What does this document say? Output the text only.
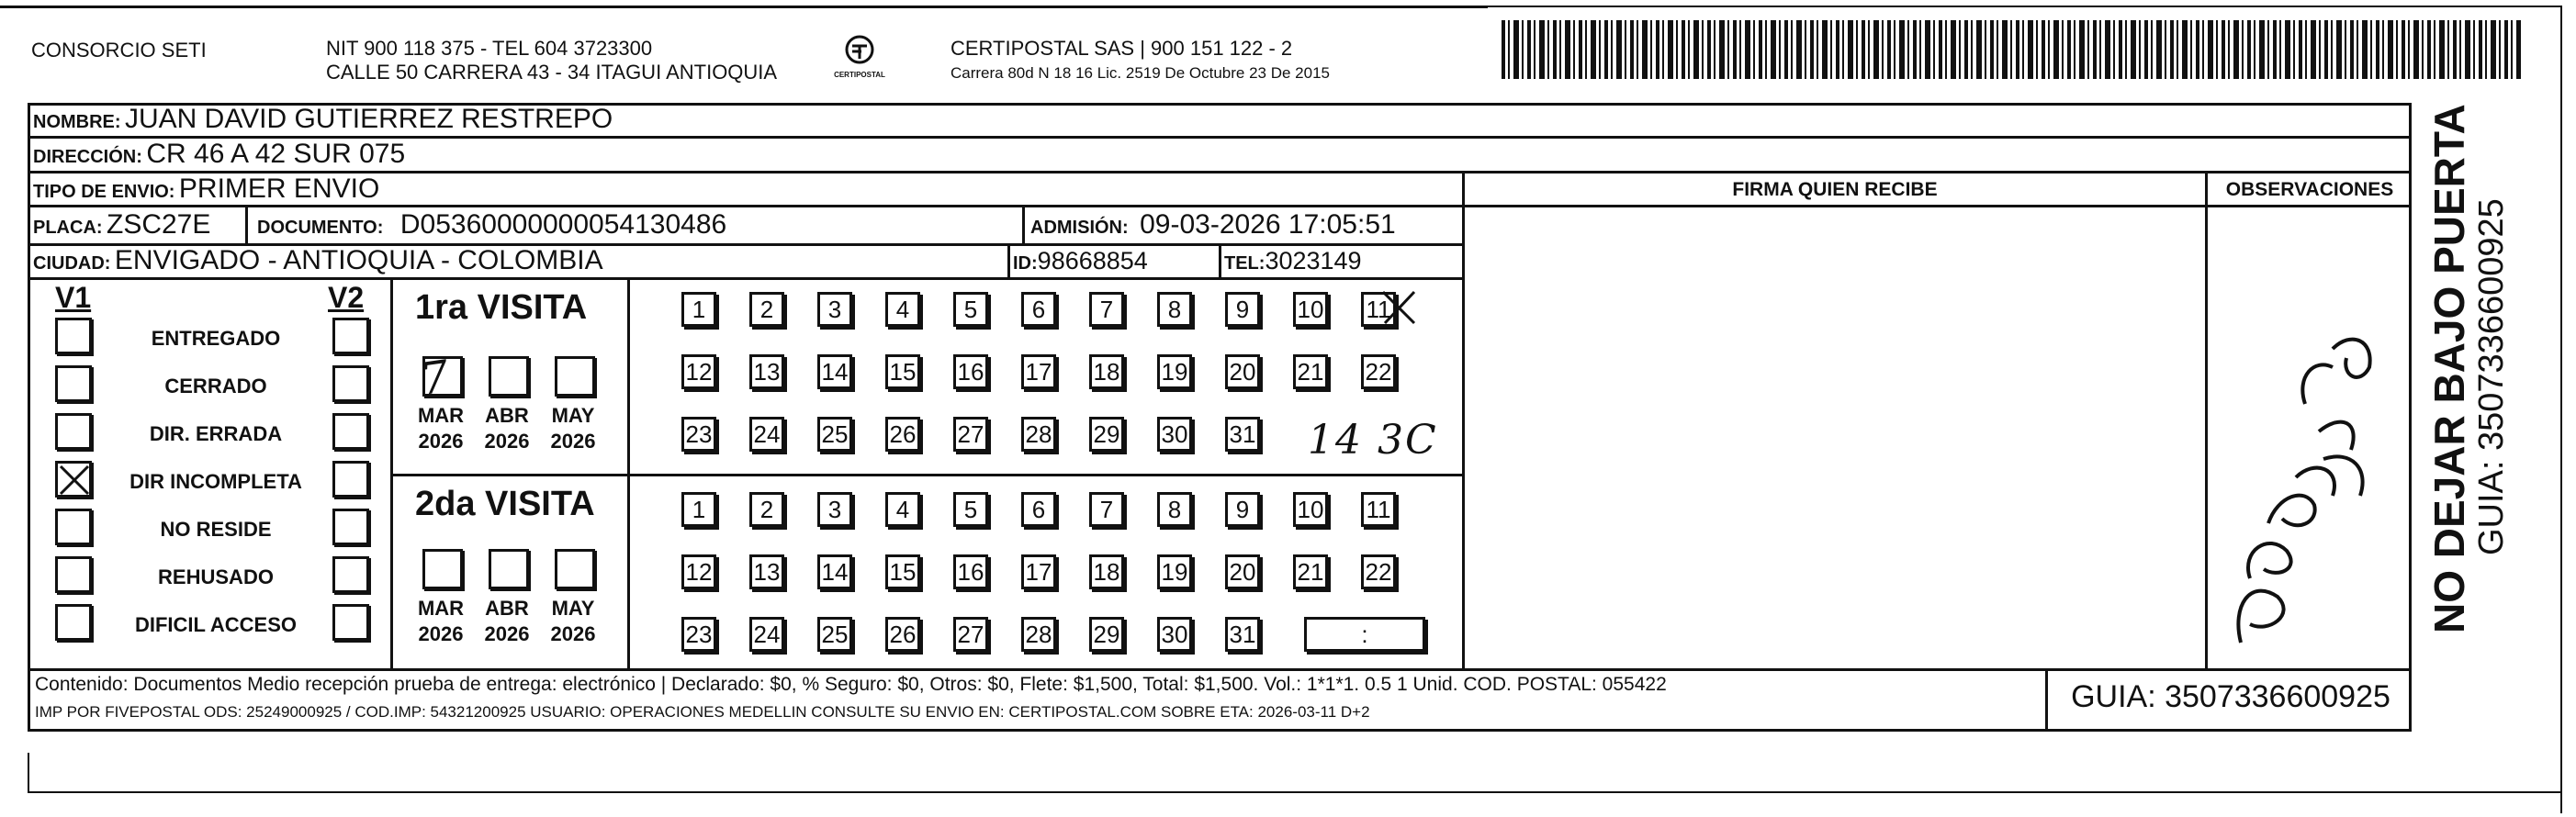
CONSORCIO SETI	NIT 900 118 375 - TEL 604 3723300
CALLE 50 CARRERA 43 - 34 ITAGUI ANTIOQUIA	CERTIPOSTAL
CERTIPOSTAL SAS | 900 151 122 - 2
Carrera 80d N 18 16 Lic. 2519 De Octubre 23 De 2015
NOMBRE: JUAN DAVID GUTIERREZ RESTREPO
DIRECCIÓN: CR 46 A 42 SUR 075
TIPO DE ENVIO: PRIMER ENVIO	FIRMA QUIEN RECIBE	OBSERVACIONES
PLACA: ZSC27E	DOCUMENTO: D05360000000054130486	ADMISIÓN: 09-03-2026 17:05:51
CIUDAD: ENVIGADO - ANTIOQUIA - COLOMBIA	ID:98668854	TEL:3023149
V1	V2
ENTREGADO
CERRADO
DIR. ERRADA
DIR INCOMPLETA
NO RESIDE
REHUSADO
DIFICIL ACCESO
1ra VISITA
2da VISITA
MAR
2026
ABR
2026
MAY
2026
MAR
2026
ABR
2026
MAY
2026
1	2	3	4	5	6	7	8	9	10 11
12 13 14 15 16 17 18 19 20 21 22
23 24 25 26 27 28 29 30 31
1	2	3	4	5	6	7	8	9	10 11
12 13 14 15 16 17 18 19 20 21 22
23 24 25 26 27 28 29 30 31	:
7
14 3C
Contenido: Documentos Medio recepción prueba de entrega: electrónico | Declarado: $0, % Seguro: $0, Otros: $0, Flete: $1,500, Total: $1,500. Vol.: 1*1*1. 0.5 1 Unid. COD. POSTAL: 055422
IMP POR FIVEPOSTAL ODS: 25249000925 / COD.IMP: 54321200925 USUARIO: OPERACIONES MEDELLIN CONSULTE SU ENVIO EN: CERTIPOSTAL.COM SOBRE ETA: 2026-03-11 D+2	GUIA: 3507336600925
NO DEJAR BAJO PUERTA GUIA: 3507336600925
